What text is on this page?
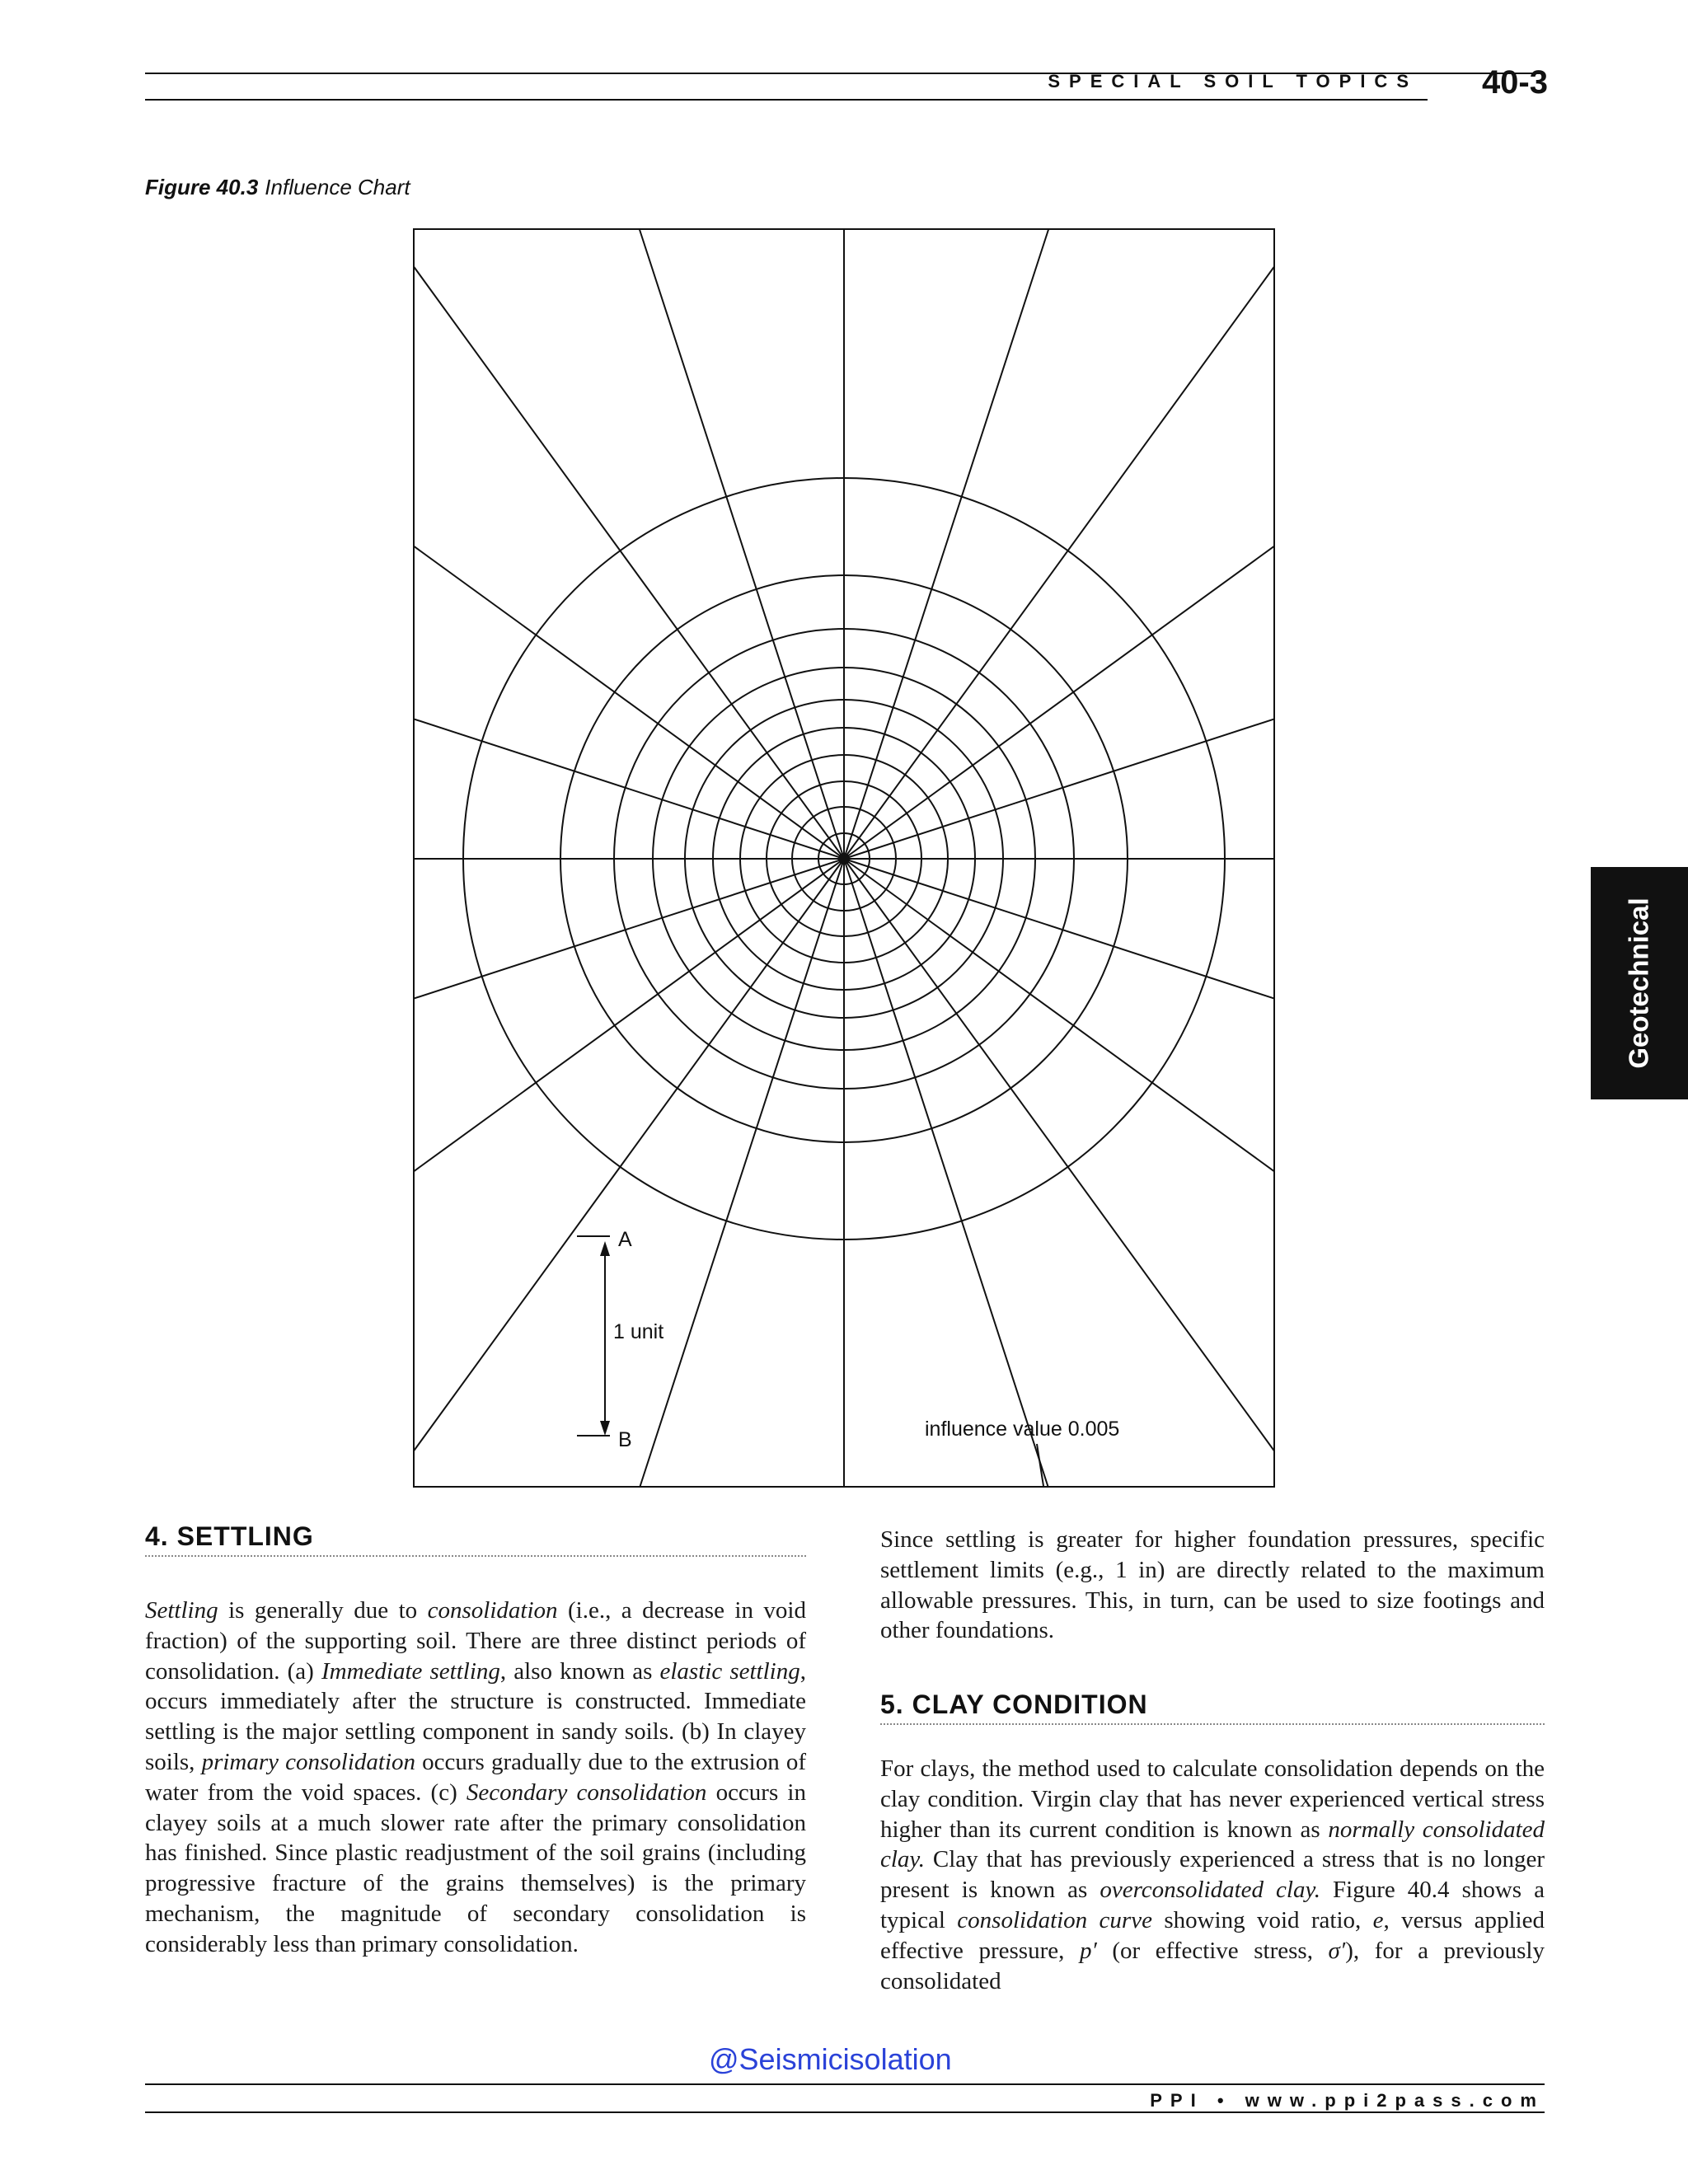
SPECIAL SOIL TOPICS	40-3
Geotechnical
Figure 40.3 Influence Chart
A
B
1 unit
influence value 0.005
4. SETTLING

Settling is generally due to consolidation (i.e., a decrease in void fraction) of the supporting soil. There are three distinct periods of consolidation. (a) Immediate settling, also known as elastic settling, occurs immediately after the structure is constructed. Immediate settling is the major settling component in sandy soils. (b) In clayey soils, primary consolidation occurs gradually due to the extrusion of water from the void spaces. (c) Secondary consolidation occurs in clayey soils at a much slower rate after the primary consolidation has finished. Since plastic readjustment of the soil grains (including progressive fracture of the grains themselves) is the primary mechanism, the magnitude of secondary consolidation is considerably less than primary consolidation.

Since settling is greater for higher foundation pressures, specific settlement limits (e.g., 1 in) are directly related to the maximum allowable pressures. This, in turn, can be used to size footings and other foundations.

5. CLAY CONDITION

For clays, the method used to calculate consolidation depends on the clay condition. Virgin clay that has never experienced vertical stress higher than its current condition is known as normally consolidated clay. Clay that has previously experienced a stress that is no longer present is known as overconsolidated clay. Figure 40.4 shows a typical consolidation curve showing void ratio, e, versus applied effective pressure, p′ (or effective stress, σ′), for a previously consolidated

@Seismicisolation
PPI • www.ppi2pass.com
